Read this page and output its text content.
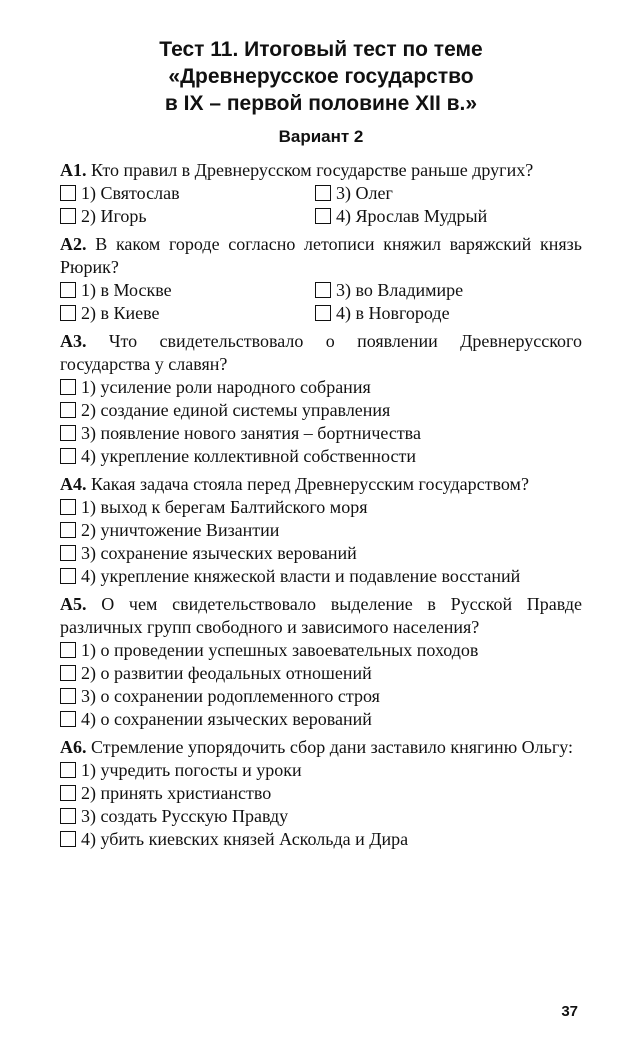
Тест 11. Итоговый тест по теме
«Древнерусское государство
в IX – первой половине XII в.»
Вариант 2

А1. Кто правил в Древнерусском государстве раньше других?

1) Святослав	3) Олег
2) Игорь	4) Ярослав Мудрый

А2. В каком городе согласно летописи княжил варяжский князь Рюрик?

1) в Москве	3) во Владимире
2) в Киеве	4) в Новгороде

А3. Что свидетельствовало о появлении Древнерусского государства у славян?

1) усиление роли народного собрания
2) создание единой системы управления
3) появление нового занятия – бортничества
4) укрепление коллективной собственности

А4. Какая задача стояла перед Древнерусским государством?

1) выход к берегам Балтийского моря
2) уничтожение Византии
3) сохранение языческих верований
4) укрепление княжеской власти и подавление восстаний

А5. О чем свидетельствовало выделение в Русской Правде различных групп свободного и зависимого населения?

1) о проведении успешных завоевательных походов
2) о развитии феодальных отношений
3) о сохранении родоплеменного строя
4) о сохранении языческих верований

А6. Стремление упорядочить сбор дани заставило княгиню Ольгу:

1) учредить погосты и уроки
2) принять христианство
3) создать Русскую Правду
4) убить киевских князей Аскольда и Дира
37
